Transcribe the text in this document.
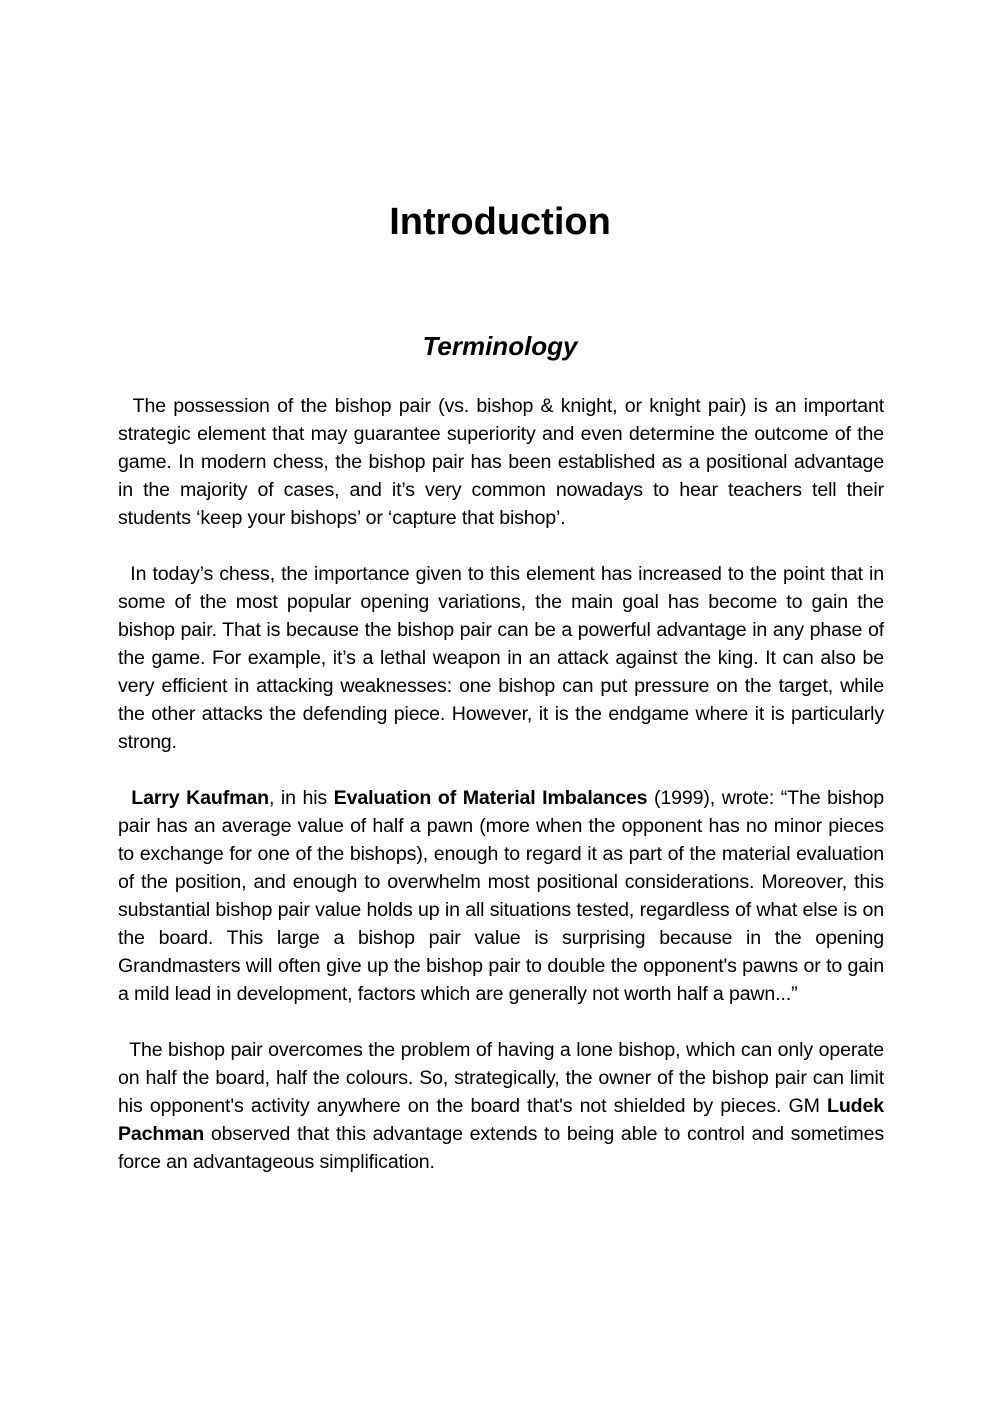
Introduction
Terminology

The possession of the bishop pair (vs. bishop & knight, or knight pair) is an important strategic element that may guarantee superiority and even determine the outcome of the game. In modern chess, the bishop pair has been established as a positional advantage in the majority of cases, and it’s very common nowadays to hear teachers tell their students ‘keep your bishops’ or ‘capture that bishop’.

In today’s chess, the importance given to this element has increased to the point that in some of the most popular opening variations, the main goal has become to gain the bishop pair. That is because the bishop pair can be a powerful advantage in any phase of the game. For example, it’s a lethal weapon in an attack against the king. It can also be very efficient in attacking weaknesses: one bishop can put pressure on the target, while the other attacks the defending piece. However, it is the endgame where it is particularly strong.

Larry Kaufman, in his Evaluation of Material Imbalances (1999), wrote: “The bishop pair has an average value of half a pawn (more when the opponent has no minor pieces to exchange for one of the bishops), enough to regard it as part of the material evaluation of the position, and enough to overwhelm most positional considerations. Moreover, this substantial bishop pair value holds up in all situations tested, regardless of what else is on the board. This large a bishop pair value is surprising because in the opening Grandmasters will often give up the bishop pair to double the opponent's pawns or to gain a mild lead in development, factors which are generally not worth half a pawn...”

The bishop pair overcomes the problem of having a lone bishop, which can only operate on half the board, half the colours. So, strategically, the owner of the bishop pair can limit his opponent's activity anywhere on the board that's not shielded by pieces. GM Ludek Pachman observed that this advantage extends to being able to control and sometimes force an advantageous simplification.
